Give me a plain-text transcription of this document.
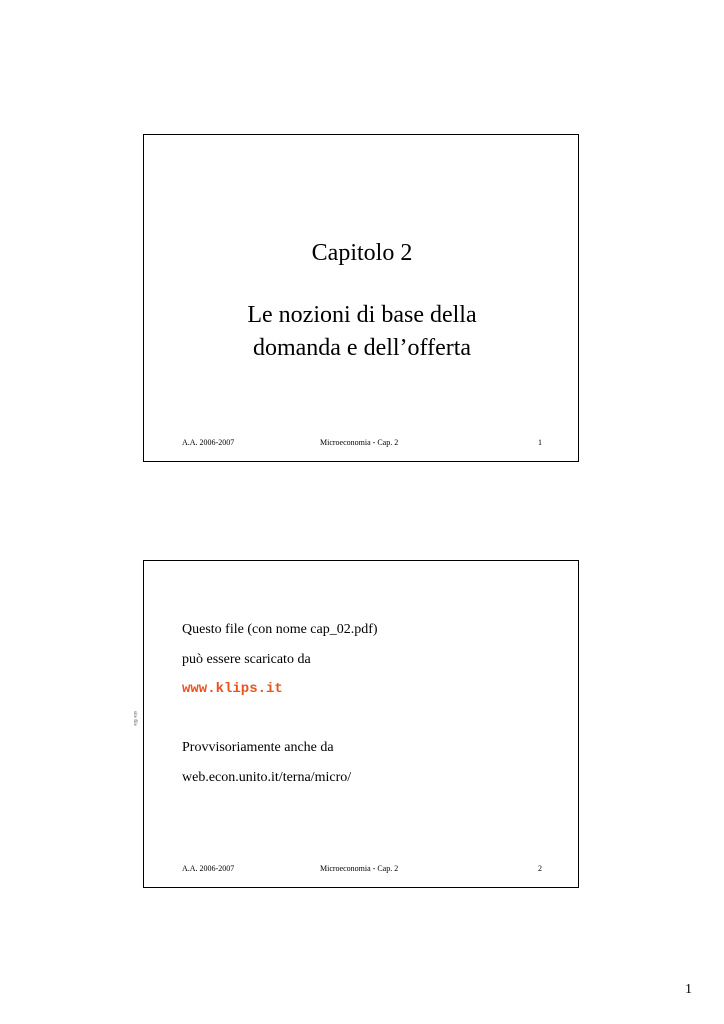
Capitolo 2
Le nozioni di base della
domanda e dell’offerta
A.A. 2006-2007	Microeconomia - Cap. 2	1
Questo file (con nome cap_02.pdf)
può essere scaricato da
www.klips.it
Provvisoriamente anche da
web.econ.unito.it/terna/micro/
A.A. 2006-2007	Microeconomia - Cap. 2	2
site file
1
